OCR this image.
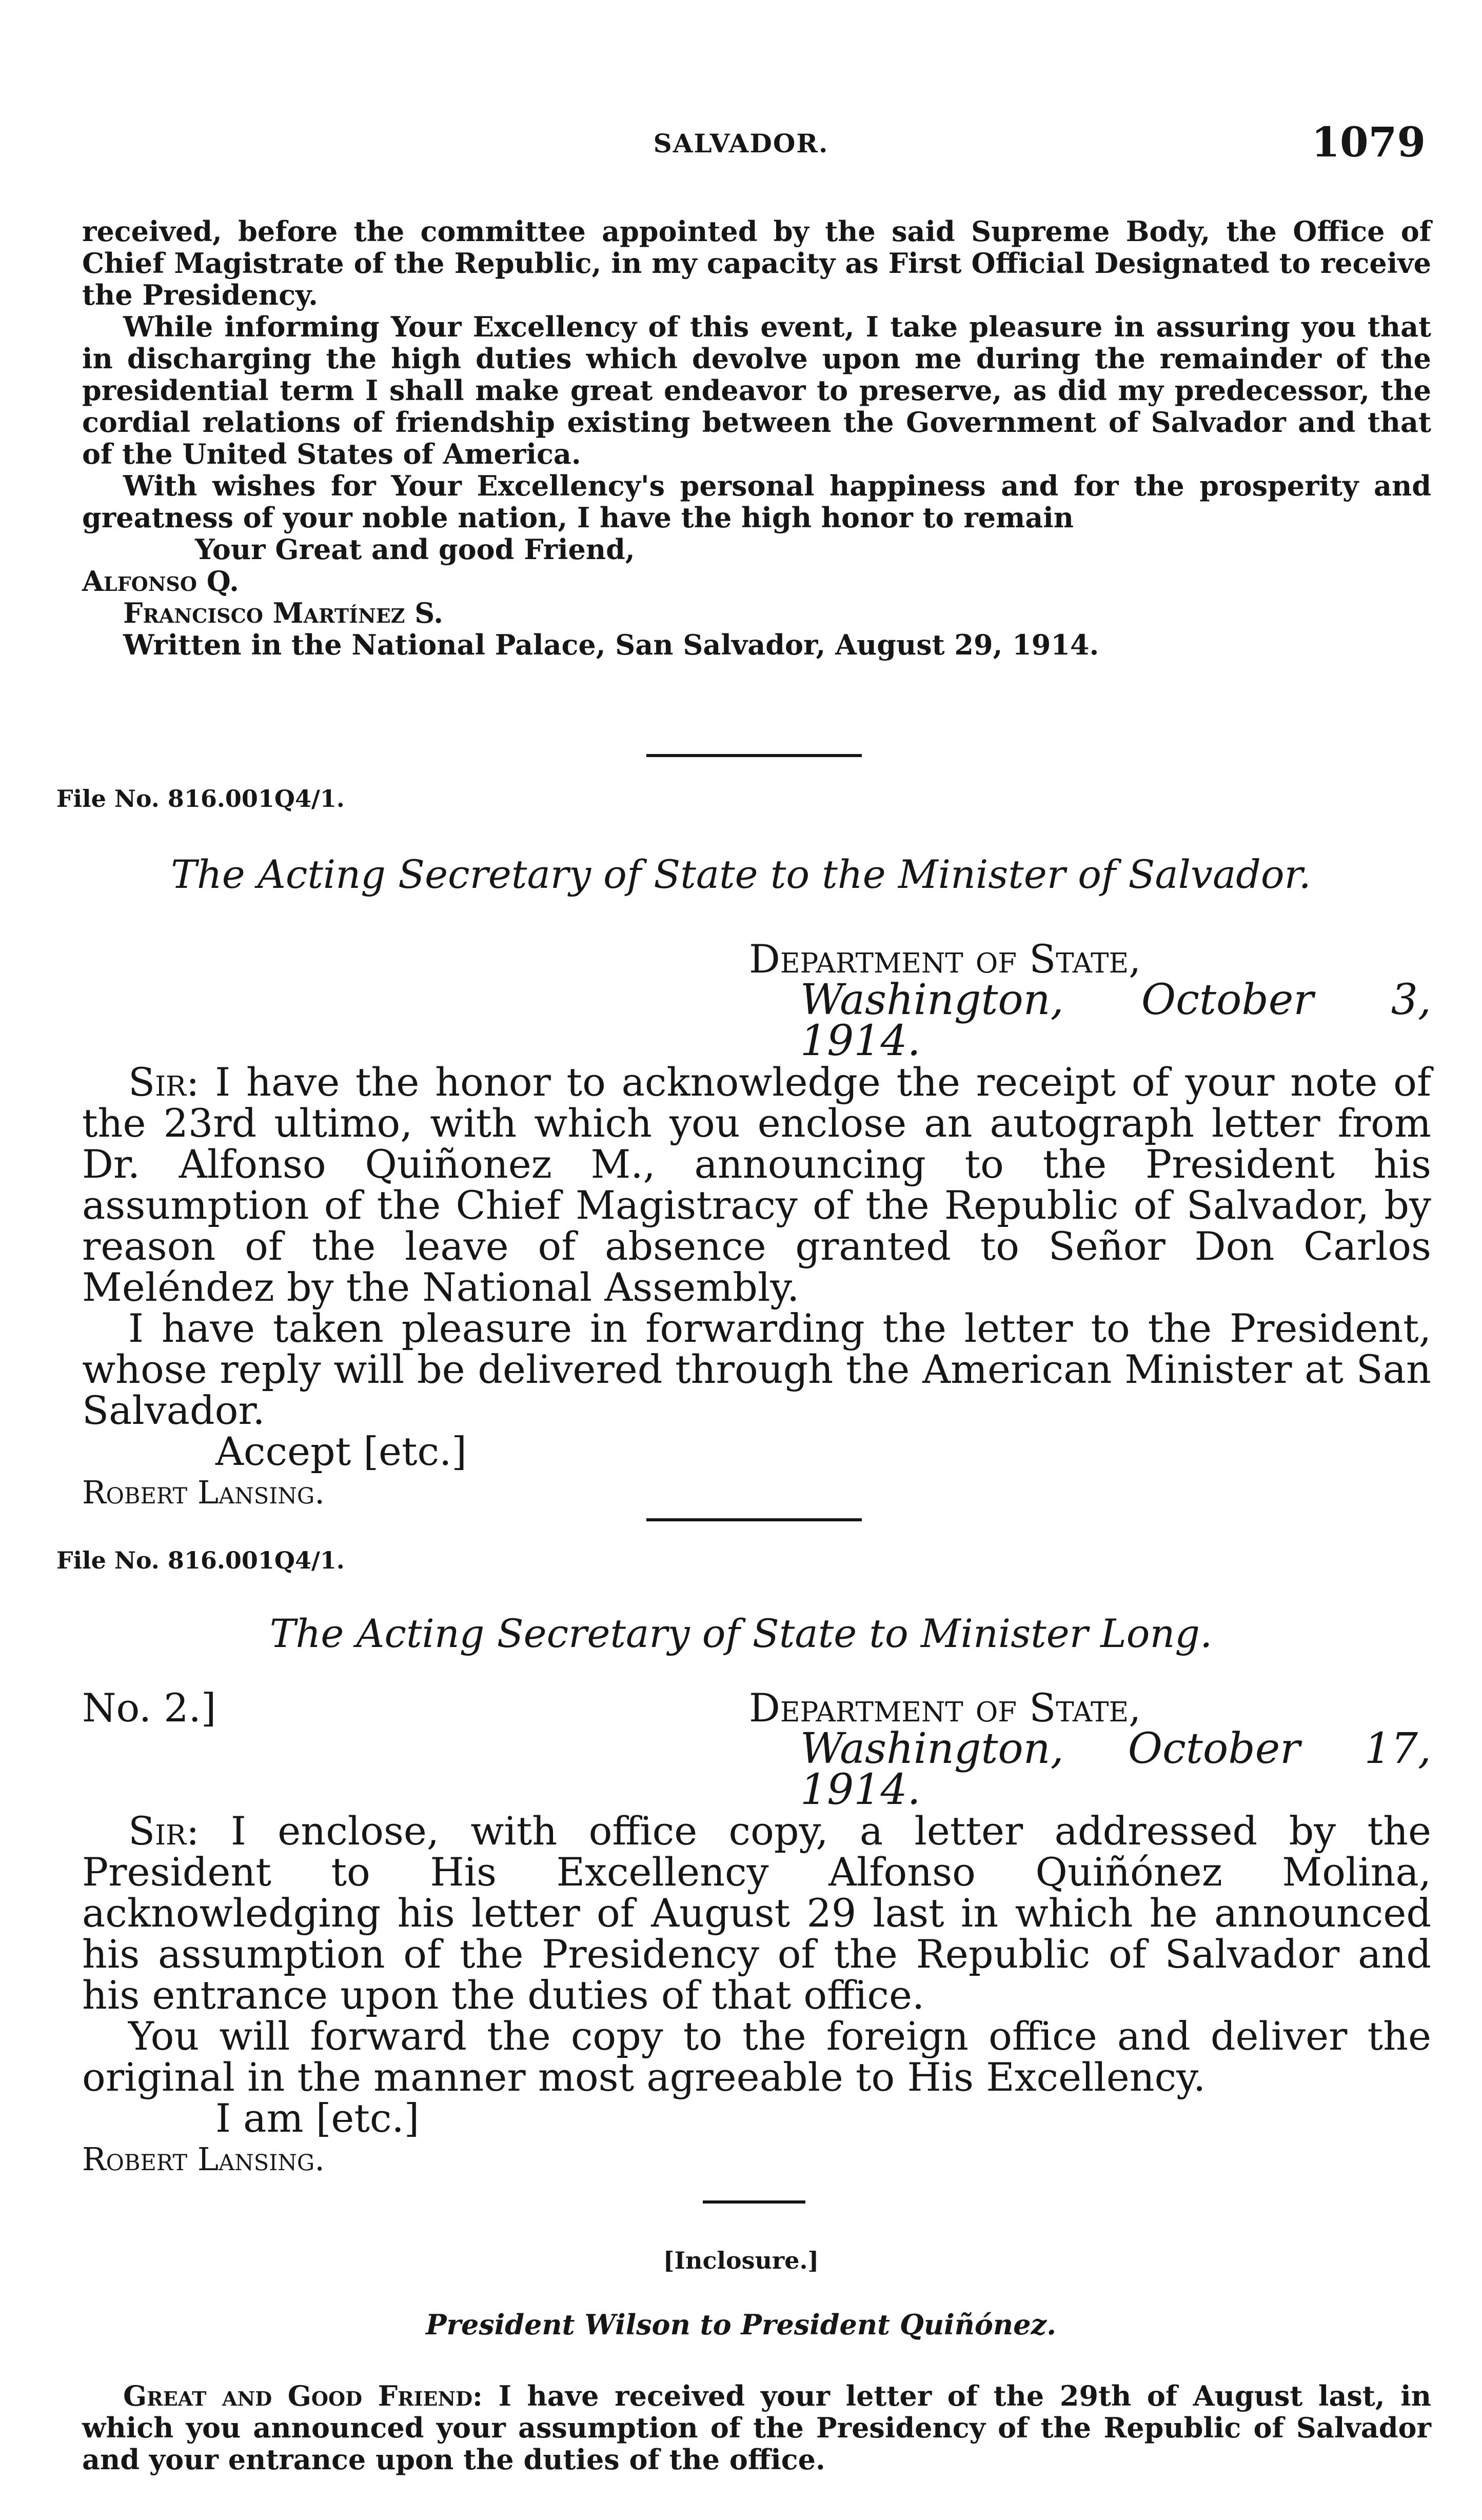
SALVADOR.	1079

received, before the committee appointed by the said Supreme Body, the Office of Chief Magistrate of the Republic, in my capacity as First Official Designated to receive the Presidency.

While informing Your Excellency of this event, I take pleasure in assuring you that in discharging the high duties which devolve upon me during the remainder of the presidential term I shall make great endeavor to preserve, as did my predecessor, the cordial relations of friendship existing between the Government of Salvador and that of the United States of America.

With wishes for Your Excellency's personal happiness and for the prosperity and greatness of your noble nation, I have the high honor to remain

Your Great and good Friend,

Alfonso Q.

Francisco Martínez S.

Written in the National Palace, San Salvador, August 29, 1914.

File No. 816.001Q4/1.
The Acting Secretary of State to the Minister of Salvador.

Department of State,

Washington, October 3, 1914.

Sir: I have the honor to acknowledge the receipt of your note of the 23rd ultimo, with which you enclose an autograph letter from Dr. Alfonso Quiñonez M., announcing to the President his assumption of the Chief Magistracy of the Republic of Salvador, by reason of the leave of absence granted to Señor Don Carlos Meléndez by the National Assembly.

I have taken pleasure in forwarding the letter to the President, whose reply will be delivered through the American Minister at San Salvador.

Accept [etc.]

Robert Lansing.

File No. 816.001Q4/1.
The Acting Secretary of State to Minister Long.

No. 2.]	Department of State,

Washington, October 17, 1914.

Sir: I enclose, with office copy, a letter addressed by the President to His Excellency Alfonso Quiñónez Molina, acknowledging his letter of August 29 last in which he announced his assumption of the Presidency of the Republic of Salvador and his entrance upon the duties of that office.

You will forward the copy to the foreign office and deliver the original in the manner most agreeable to His Excellency.

I am [etc.]

Robert Lansing.

[Inclosure.]
President Wilson to President Quiñónez.

Great and Good Friend: I have received your letter of the 29th of August last, in which you announced your assumption of the Presidency of the Republic of Salvador and your entrance upon the duties of the office.
